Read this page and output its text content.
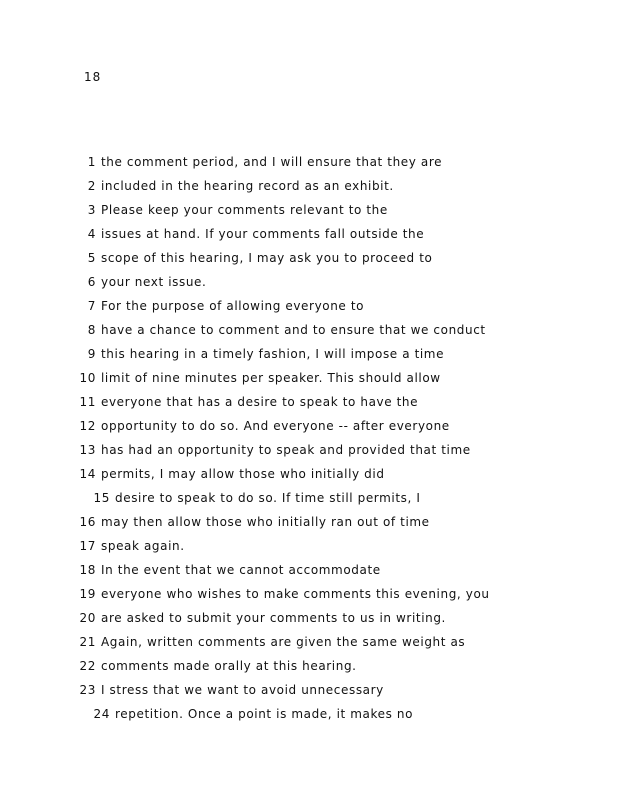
18
1 the comment period, and I will ensure that they are
2 included in the hearing record as an exhibit.
3 Please keep your comments relevant to the
4 issues at hand. If your comments fall outside the
5 scope of this hearing, I may ask you to proceed to
6 your next issue.
7 For the purpose of allowing everyone to
8 have a chance to comment and to ensure that we conduct
9 this hearing in a timely fashion, I will impose a time
10 limit of nine minutes per speaker. This should allow
11 everyone that has a desire to speak to have the
12 opportunity to do so. And everyone -- after everyone
13 has had an opportunity to speak and provided that time
14 permits, I may allow those who initially did
15 desire to speak to do so. If time still permits, I
16 may then allow those who initially ran out of time
17 speak again.
18 In the event that we cannot accommodate
19 everyone who wishes to make comments this evening, you
20 are asked to submit your comments to us in writing.
21 Again, written comments are given the same weight as
22 comments made orally at this hearing.
23 I stress that we want to avoid unnecessary
24 repetition. Once a point is made, it makes no
